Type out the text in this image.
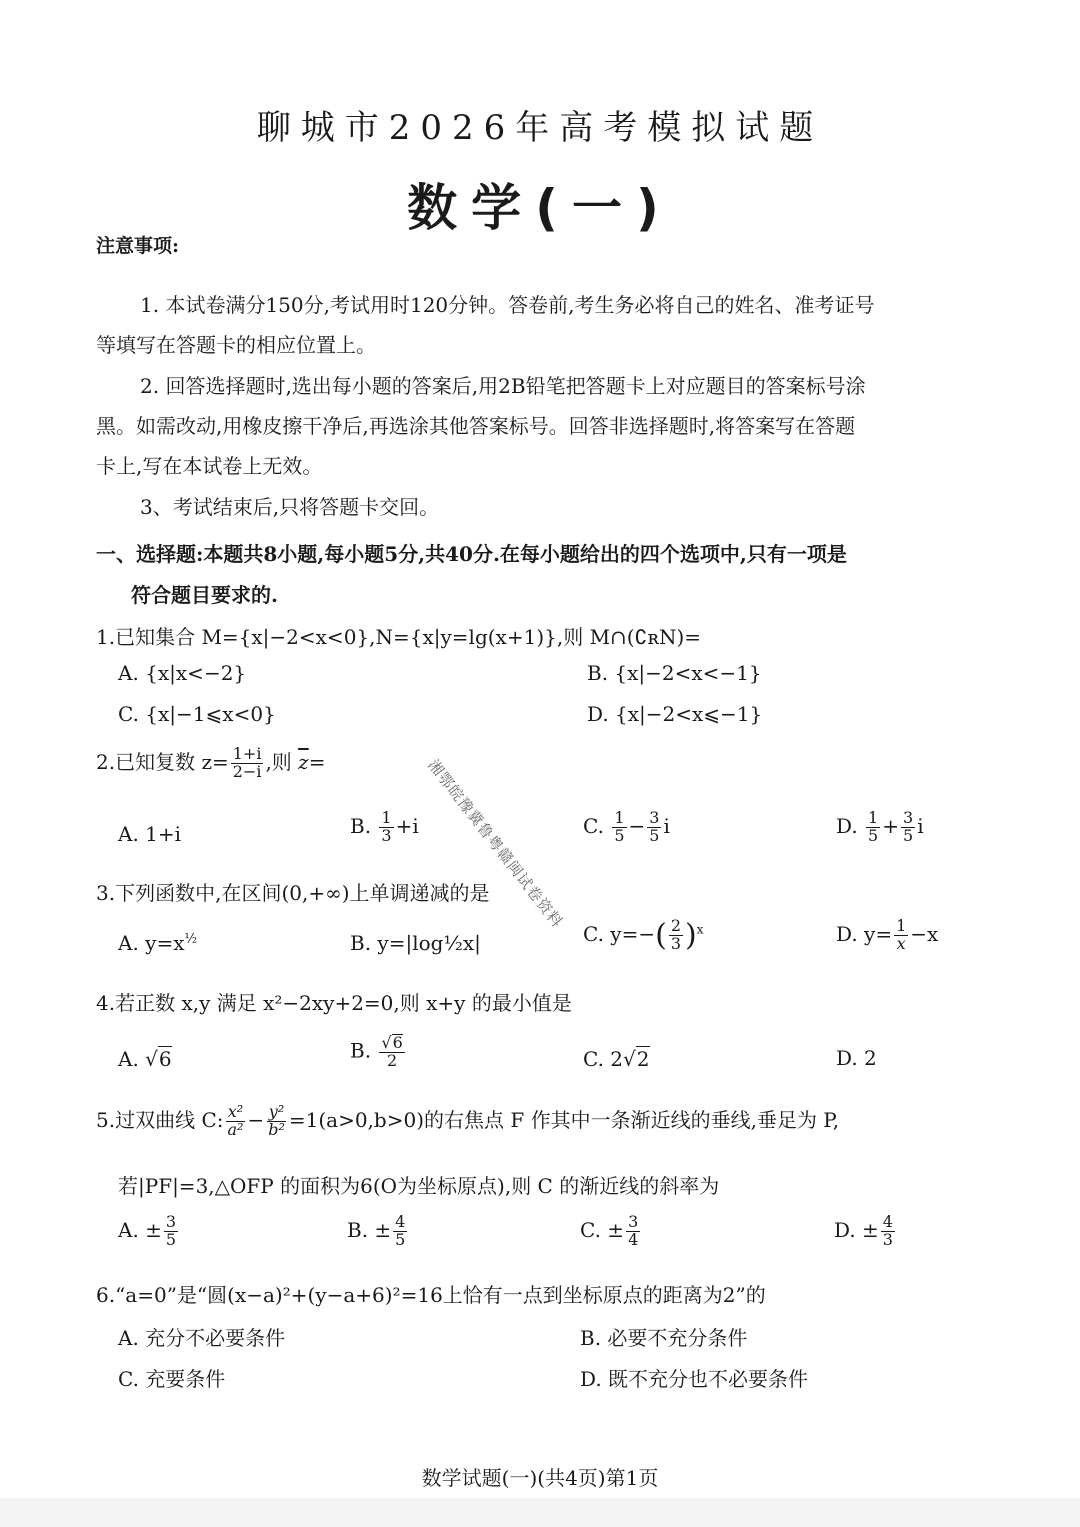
聊城市2026年高考模拟试题
数学(一)
注意事项:
1. 本试卷满分150分,考试用时120分钟。答卷前,考生务必将自己的姓名、准考证号
等填写在答题卡的相应位置上。
2. 回答选择题时,选出每小题的答案后,用2B铅笔把答题卡上对应题目的答案标号涂
黑。如需改动,用橡皮擦干净后,再选涂其他答案标号。回答非选择题时,将答案写在答题
卡上,写在本试卷上无效。
3、考试结束后,只将答题卡交回。
一、选择题:本题共8小题,每小题5分,共40分.在每小题给出的四个选项中,只有一项是
符合题目要求的.
1.已知集合 M={x|−2<x<0},N={x|y=lg(x+1)},则 M∩(∁ʀN)=
A. {x|x<−2}	B. {x|−2<x<−1}
C. {x|−1⩽x<0}	D. {x|−2<x⩽−1}
2.已知复数 $z= \frac{1+i}{2-i}$ ,则 $\overline{z}=$
A. 1+i	B. $\frac{1}{3} +i$	C. $\frac{1}{5} - \frac{3}{5}$ i	D. $\frac{1}{5} + \frac{3}{5}$ i
3.下列函数中,在区间(0,+∞)上单调递减的是
A. $y=x^{\frac{1}{2}}$	B. y=|log½x|	C. $y=-( \frac{2}{3} )^x$	D. $y= \frac{1}{x} -x$
4.若正数 x,y 满足 x²−2xy+2=0,则 x+y 的最小值是
A. √6	B. $\frac{√6}{2}$	C. 2√2	D. 2
5.过双曲线 C: $\frac{\text{x²}}{\text{a²}} - \frac{\text{y²}}{\text{b²}} =1(a>0,b>0)$的右焦点 F 作其中一条渐近线的垂线,垂足为 P,
若|PF|=3,△OFP 的面积为6(O为坐标原点),则 C 的渐近线的斜率为
A. ± $\frac{3}{5}$	B. ± $\frac{4}{5}$	C. ± $\frac{3}{4}$	D. ± $\frac{4}{3}$
6.“a=0”是“圆(x−a)²+(y−a+6)²=16上恰有一点到坐标原点的距离为2”的
A. 充分不必要条件	B. 必要不充分条件
C. 充要条件	D. 既不充分也不必要条件
数学试题(一)(共4页)第1页
湘鄂皖豫冀鲁粤赣闽试卷资料
